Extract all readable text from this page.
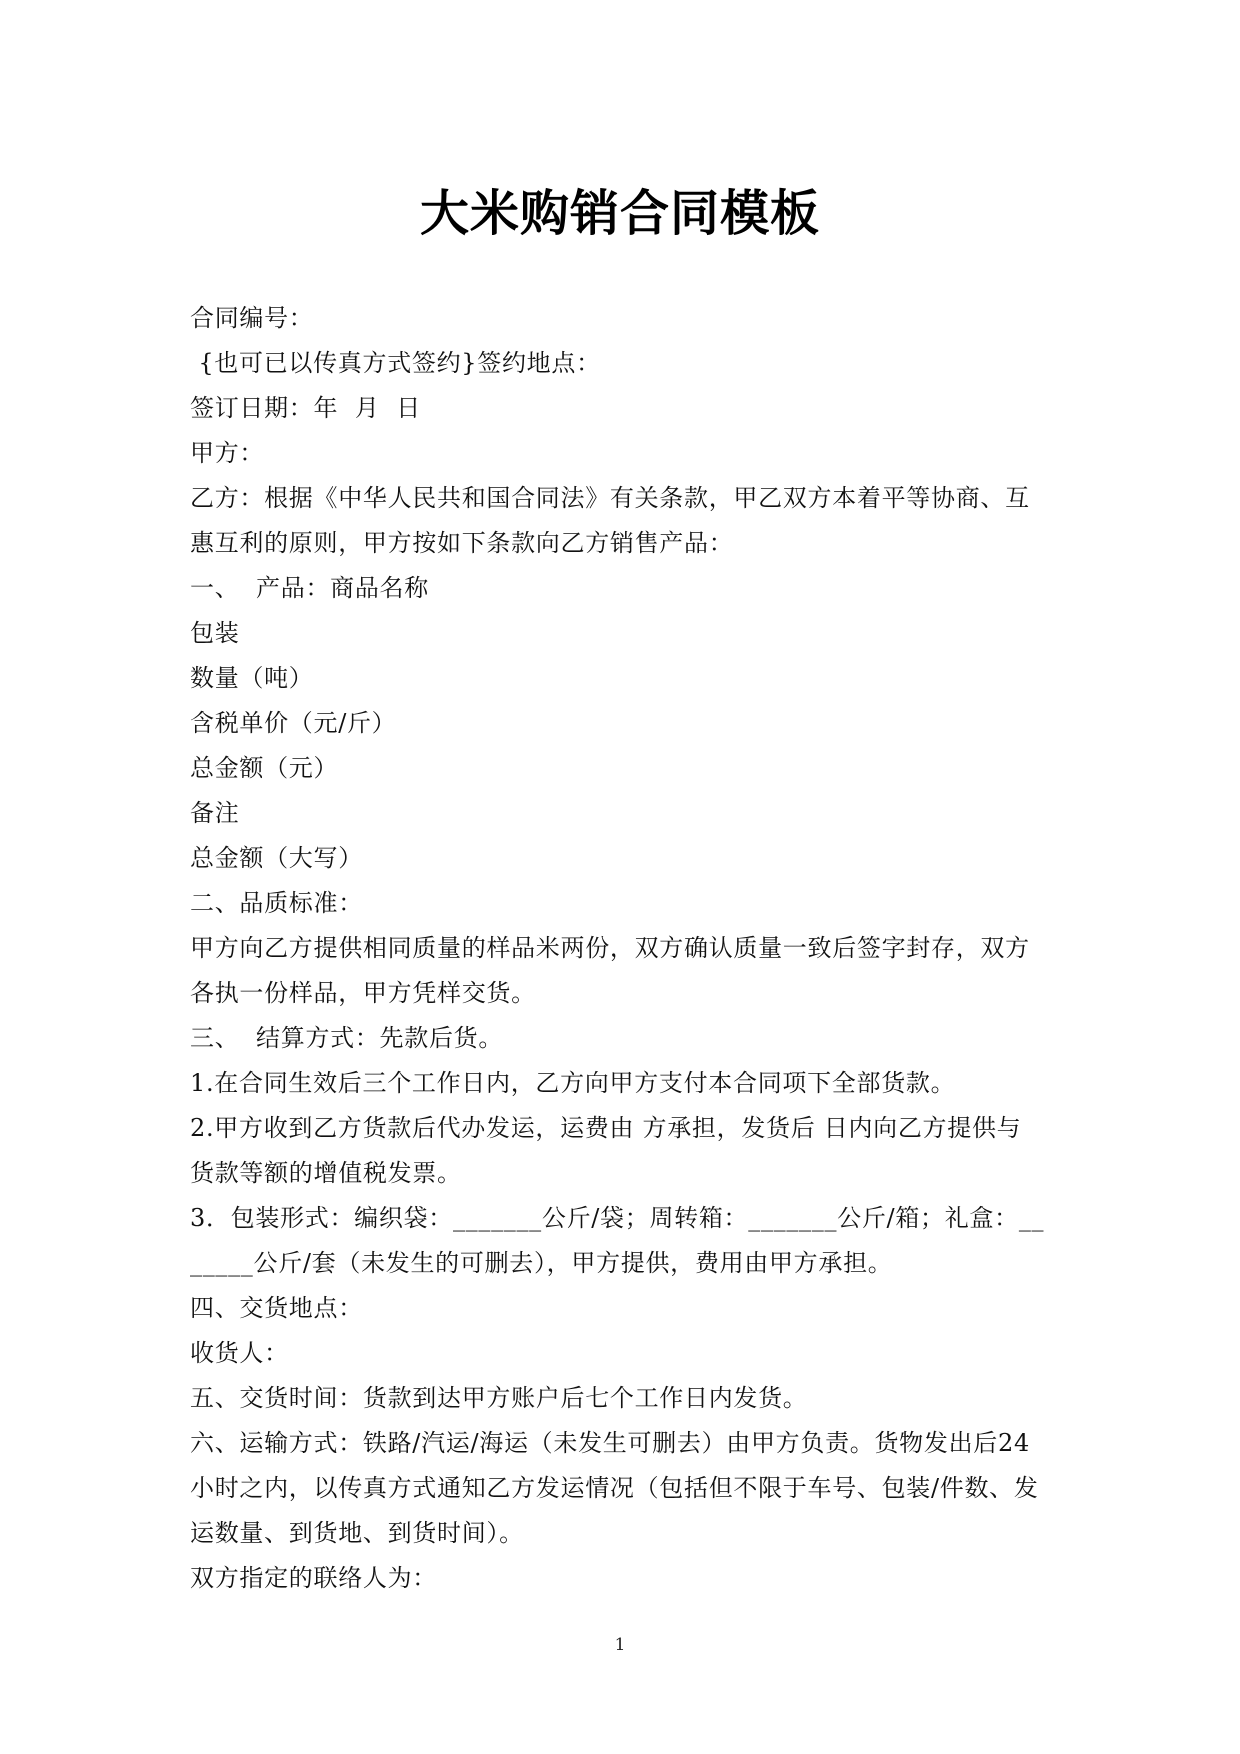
大米购销合同模板

合同编号：

{也可已以传真方式签约}签约地点：

签订日期：年  月  日

甲方：

乙方：根据《中华人民共和国合同法》有关条款，甲乙双方本着平等协商、互

惠互利的原则，甲方按如下条款向乙方销售产品：

一、  产品：商品名称

包装

数量（吨）

含税单价（元/斤）

总金额（元）

备注

总金额（大写）

二、品质标准：

甲方向乙方提供相同质量的样品米两份，双方确认质量一致后签字封存，双方

各执一份样品，甲方凭样交货。

三、  结算方式：先款后货。

1.在合同生效后三个工作日内，乙方向甲方支付本合同项下全部货款。

2.甲方收到乙方货款后代办发运，运费由 方承担，发货后 日内向乙方提供与

货款等额的增值税发票。

3．包装形式：编织袋：_______公斤/袋；周转箱：_______公斤/箱；礼盒：__

_____公斤/套（未发生的可删去），甲方提供，费用由甲方承担。

四、交货地点：

收货人：

五、交货时间：货款到达甲方账户后七个工作日内发货。

六、运输方式：铁路/汽运/海运（未发生可删去）由甲方负责。货物发出后24

小时之内，以传真方式通知乙方发运情况（包括但不限于车号、包装/件数、发

运数量、到货地、到货时间）。

双方指定的联络人为：

1
